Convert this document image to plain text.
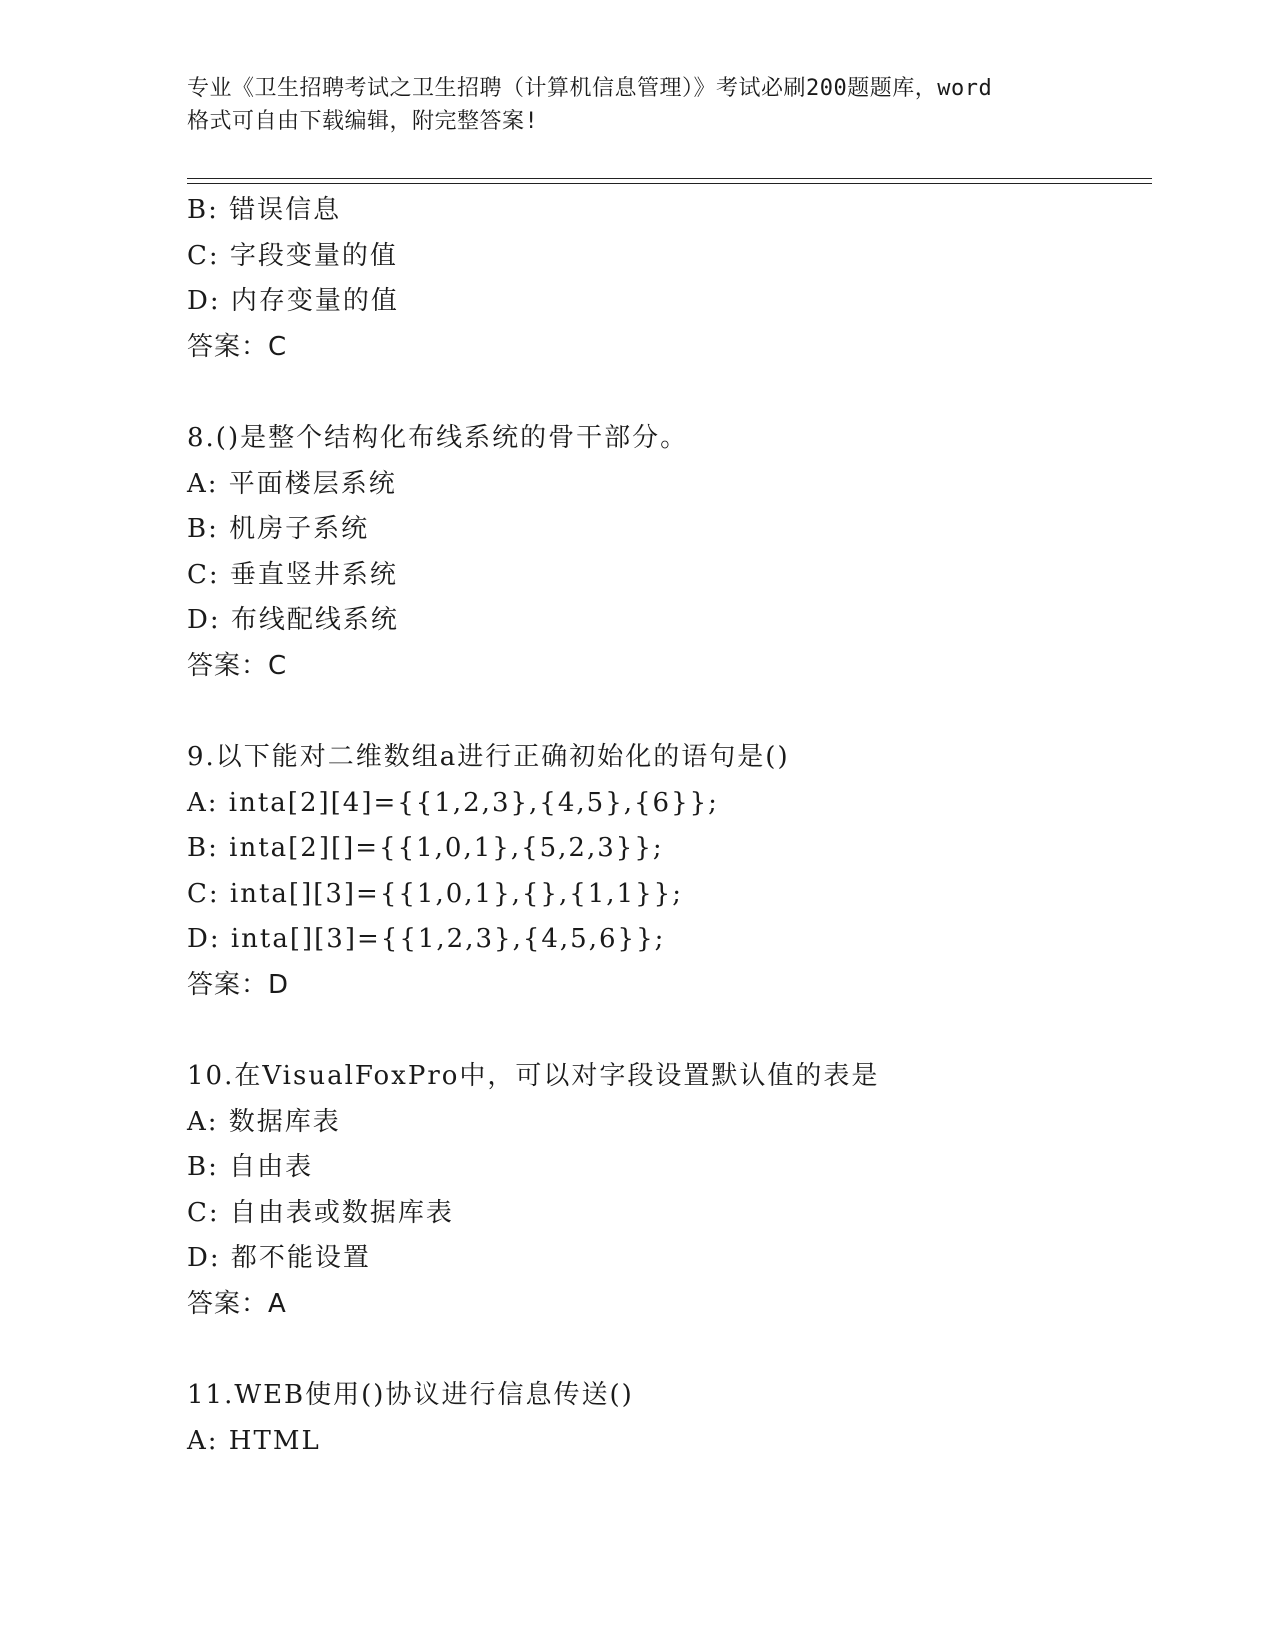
专业《卫生招聘考试之卫生招聘（计算机信息管理）》考试必刷200题题库，word
格式可自由下载编辑，附完整答案!
B: 错误信息
C: 字段变量的值
D: 内存变量的值
答案：C
8.()是整个结构化布线系统的骨干部分。
A: 平面楼层系统
B: 机房子系统
C: 垂直竖井系统
D: 布线配线系统
答案：C
9.以下能对二维数组a进行正确初始化的语句是()
A: inta[2][4]={{1,2,3},{4,5},{6}};
B: inta[2][]={{1,0,1},{5,2,3}};
C: inta[][3]={{1,0,1},{},{1,1}};
D: inta[][3]={{1,2,3},{4,5,6}};
答案：D
10.在VisualFoxPro中，可以对字段设置默认值的表是
A: 数据库表
B: 自由表
C: 自由表或数据库表
D: 都不能设置
答案：A
11.WEB使用()协议进行信息传送()
A: HTML
